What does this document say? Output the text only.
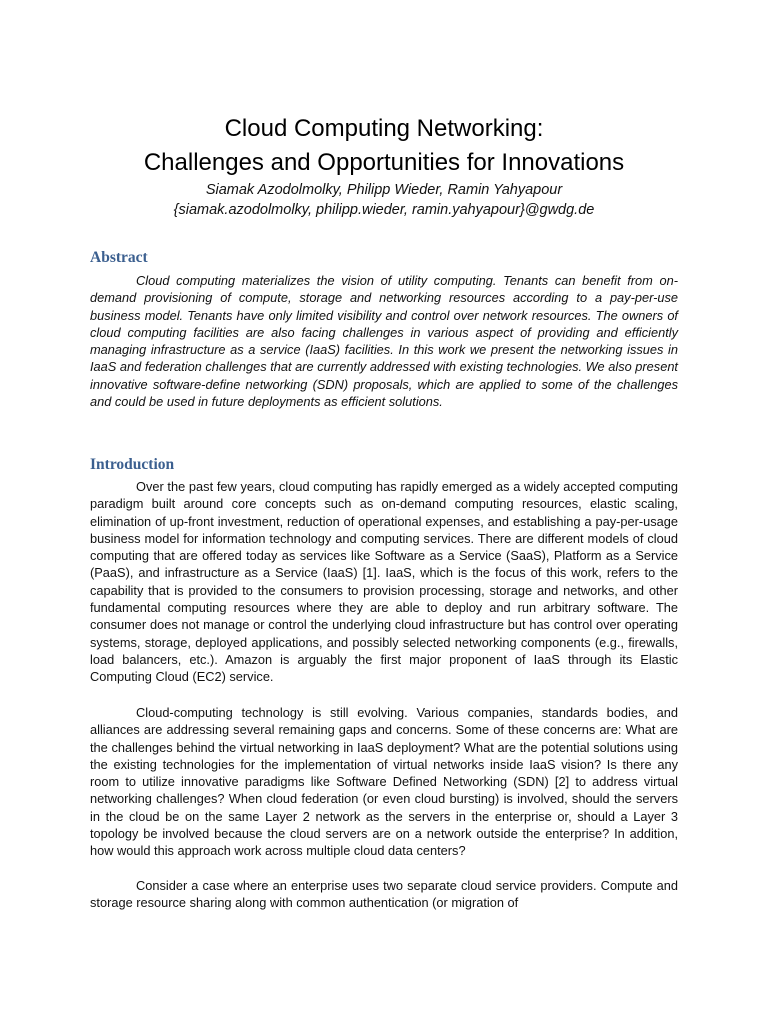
Cloud Computing Networking:
Challenges and Opportunities for Innovations
Siamak Azodolmolky, Philipp Wieder, Ramin Yahyapour
{siamak.azodolmolky, philipp.wieder, ramin.yahyapour}@gwdg.de
Abstract

Cloud computing materializes the vision of utility computing. Tenants can benefit from on-demand provisioning of compute, storage and networking resources according to a pay-per-use business model. Tenants have only limited visibility and control over network resources. The owners of cloud computing facilities are also facing challenges in various aspect of providing and efficiently managing infrastructure as a service (IaaS) facilities. In this work we present the networking issues in IaaS and federation challenges that are currently addressed with existing technologies. We also present innovative software-define networking (SDN) proposals, which are applied to some of the challenges and could be used in future deployments as efficient solutions.

Introduction

Over the past few years, cloud computing has rapidly emerged as a widely accepted computing paradigm built around core concepts such as on-demand computing resources, elastic scaling, elimination of up-front investment, reduction of operational expenses, and establishing a pay-per-usage business model for information technology and computing services. There are different models of cloud computing that are offered today as services like Software as a Service (SaaS), Platform as a Service (PaaS), and infrastructure as a Service (IaaS) [1]. IaaS, which is the focus of this work, refers to the capability that is provided to the consumers to provision processing, storage and networks, and other fundamental computing resources where they are able to deploy and run arbitrary software. The consumer does not manage or control the underlying cloud infrastructure but has control over operating systems, storage, deployed applications, and possibly selected networking components (e.g., firewalls, load balancers, etc.). Amazon is arguably the first major proponent of IaaS through its Elastic Computing Cloud (EC2) service.

Cloud-computing technology is still evolving. Various companies, standards bodies, and alliances are addressing several remaining gaps and concerns. Some of these concerns are: What are the challenges behind the virtual networking in IaaS deployment? What are the potential solutions using the existing technologies for the implementation of virtual networks inside IaaS vision? Is there any room to utilize innovative paradigms like Software Defined Networking (SDN) [2] to address virtual networking challenges? When cloud federation (or even cloud bursting) is involved, should the servers in the cloud be on the same Layer 2 network as the servers in the enterprise or, should a Layer 3 topology be involved because the cloud servers are on a network outside the enterprise? In addition, how would this approach work across multiple cloud data centers?

Consider a case where an enterprise uses two separate cloud service providers. Compute and storage resource sharing along with common authentication (or migration of
